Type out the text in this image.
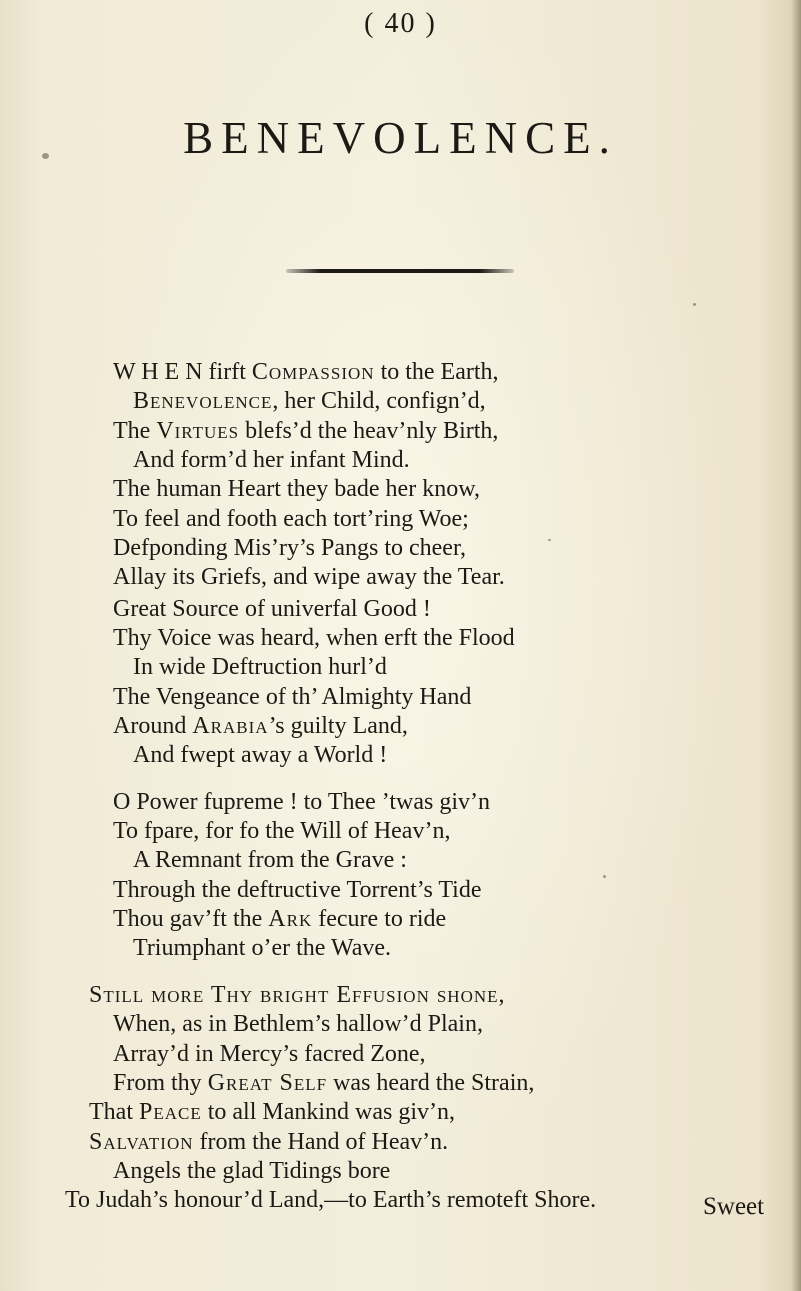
( 40 )
BENEVOLENCE.
W H E N firft Compassion to the Earth,
Benevolence, her Child, confign’d,
The Virtues blefs’d the heav’nly Birth,
And form’d her infant Mind.
The human Heart they bade her know,
To feel and footh each tort’ring Woe;
Defponding Mis’ry’s Pangs to cheer,
Allay its Griefs, and wipe away the Tear.
Great Source of univerfal Good !
Thy Voice was heard, when erft the Flood
In wide Deftruction hurl’d
The Vengeance of th’ Almighty Hand
Around Arabia’s guilty Land,
And fwept away a World !
O Power fupreme ! to Thee ’twas giv’n
To fpare, for fo the Will of Heav’n,
A Remnant from the Grave :
Through the deftructive Torrent’s Tide
Thou gav’ft the Ark fecure to ride
Triumphant o’er the Wave.
Still more Thy bright Effusion shone,
When, as in Bethlem’s hallow’d Plain,
Array’d in Mercy’s facred Zone,
From thy Great Self was heard the Strain,
That Peace to all Mankind was giv’n,
Salvation from the Hand of Heav’n.
Angels the glad Tidings bore
To Judah’s honour’d Land,—to Earth’s remoteft Shore.	Sweet
